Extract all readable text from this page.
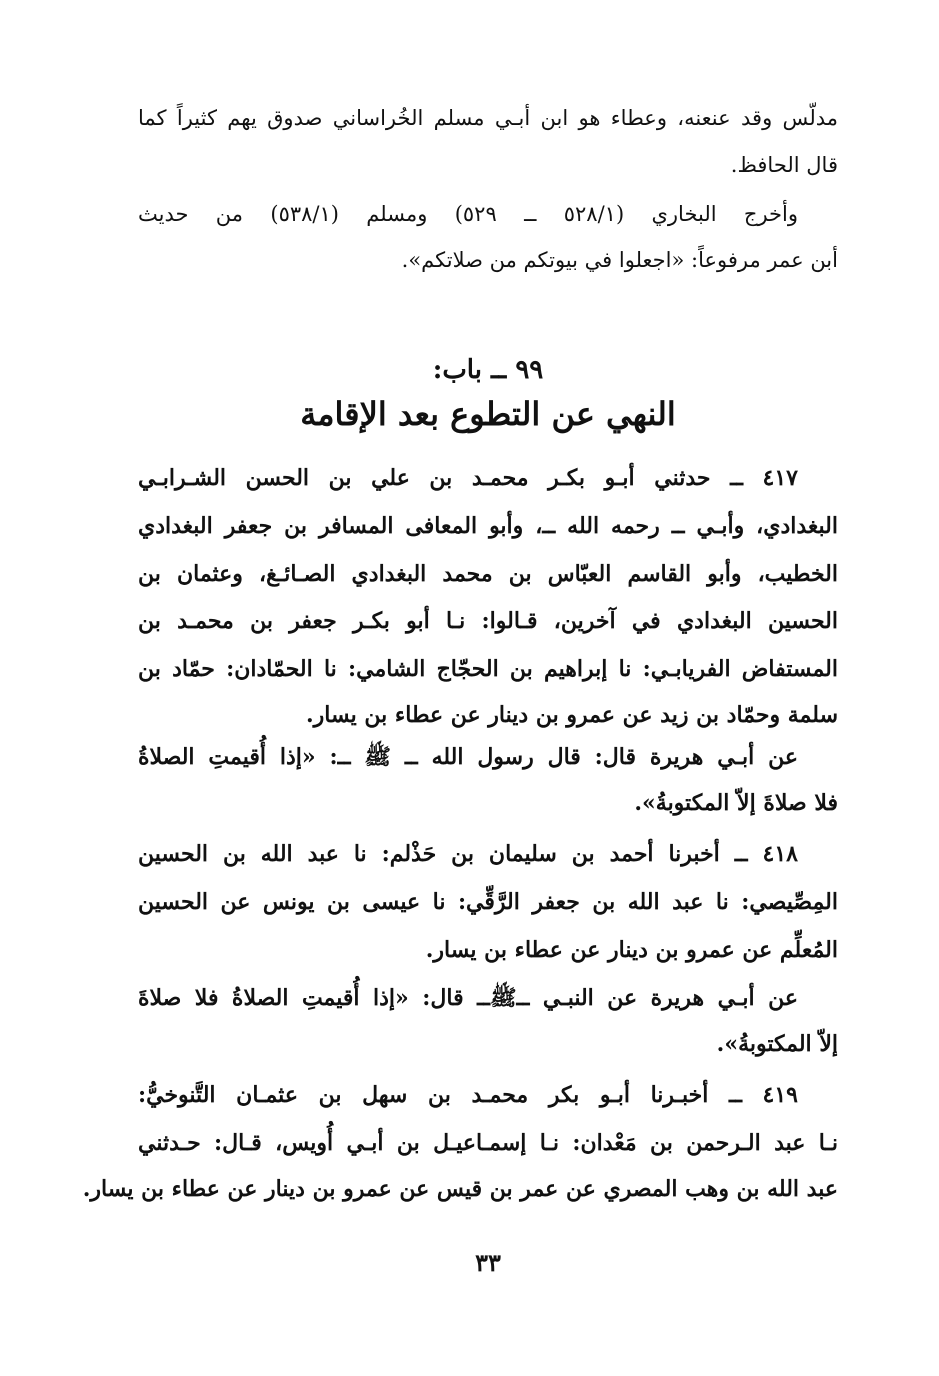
مدلّس وقد عنعنه، وعطاء هو ابن أبـي مسلم الخُراساني صدوق يهم كثيراً كما
قال الحافظ.
وأخرج البخاري (٥٢٨/١ ــ ٥٢٩) ومسلم (٥٣٨/١) من حديث
أبن عمر مرفوعاً: «اجعلوا في بيوتكم من صلاتكم».
٩٩ ــ باب:
النهي عن التطوع بعد الإقامة
٤١٧ ــ حدثني أبـو بكـر محمـد بن علي بن الحسن الشـرابـي
البغدادي، وأبـي ــ رحمه الله ــ، وأبو المعافى المسافر بن جعفر البغدادي
الخطيب، وأبو القاسم العبّاس بن محمد البغدادي الصـائـغ، وعثمان بن
الحسين البغدادي في آخرين، قـالوا: نـا أبو بكـر جعفر بن محمـد بن
المستفاض الفريابـي: نا إبراهيم بن الحجّاج الشامي: نا الحمّادان: حمّاد بن
سلمة وحمّاد بن زيد عن عمرو بن دينار عن عطاء بن يسار.
عن أبـي هريرة قال: قال رسول الله ــ ﷺ ــ: «إذا أُقيمتِ الصلاةُ
فلا صلاةَ إلاّ المكتوبةُ».
٤١٨ ــ أخبرنا أحمد بن سليمان بن حَذْلم: نا عبد الله بن الحسين
المِصِّيصي: نا عبد الله بن جعفر الرَّقِّي: نا عيسى بن يونس عن الحسين
المُعلِّم عن عمرو بن دينار عن عطاء بن يسار.
عن أبـي هريرة عن النبـي ــﷺــ قال: «إذا أُقيمتِ الصلاةُ فلا صلاةَ
إلاّ المكتوبةُ».
٤١٩ ــ أخبـرنا أبـو بكر محمـد بن سهل بن عثمـان التَّنوخيُّ:
نـا عبد الـرحمن بن مَعْدان: نـا إسمـاعيـل بن أبـي أُويس، قـال: حـدثني
عبد الله بن وهب المصري عن عمر بن قيس عن عمرو بن دينار عن عطاء بن يسار.
٣٣
